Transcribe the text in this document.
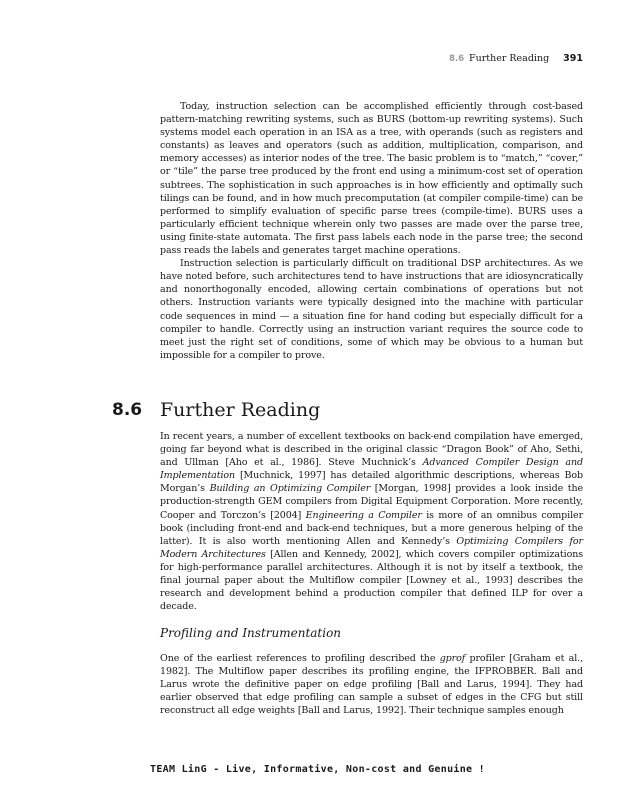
8.6 Further Reading 391

Today, instruction selection can be accomplished efficiently through cost-based pattern-matching rewriting systems, such as BURS (bottom-up rewriting systems). Such systems model each operation in an ISA as a tree, with operands (such as registers and constants) as leaves and operators (such as addition, multiplication, comparison, and memory accesses) as interior nodes of the tree. The basic problem is to “match,” “cover,” or “tile” the parse tree produced by the front end using a minimum-cost set of operation subtrees. The sophistication in such approaches is in how efficiently and optimally such tilings can be found, and in how much precomputation (at compiler compile-time) can be performed to simplify evaluation of specific parse trees (compile-time). BURS uses a particularly efficient technique wherein only two passes are made over the parse tree, using finite-state automata. The first pass labels each node in the parse tree; the second pass reads the labels and generates target machine operations.

Instruction selection is particularly difficult on traditional DSP architectures. As we have noted before, such architectures tend to have instructions that are idiosyncratically and nonorthogonally encoded, allowing certain combinations of operations but not others. Instruction variants were typically designed into the machine with particular code sequences in mind — a situation fine for hand coding but especially difficult for a compiler to handle. Correctly using an instruction variant requires the source code to meet just the right set of conditions, some of which may be obvious to a human but impossible for a compiler to prove.

8.6 Further Reading

In recent years, a number of excellent textbooks on back-end compilation have emerged, going far beyond what is described in the original classic “Dragon Book” of Aho, Sethi, and Ullman [Aho et al., 1986]. Steve Muchnick’s Advanced Compiler Design and Implementation [Muchnick, 1997] has detailed algorithmic descriptions, whereas Bob Morgan’s Building an Optimizing Compiler [Morgan, 1998] provides a look inside the production-strength GEM compilers from Digital Equipment Corporation. More recently, Cooper and Torczon’s [2004] Engineering a Compiler is more of an omnibus compiler book (including front-end and back-end techniques, but a more generous helping of the latter). It is also worth mentioning Allen and Kennedy’s Optimizing Compilers for Modern Architectures [Allen and Kennedy, 2002], which covers compiler optimizations for high-performance parallel architectures. Although it is not by itself a textbook, the final journal paper about the Multiflow compiler [Lowney et al., 1993] describes the research and development behind a production compiler that defined ILP for over a decade.

Profiling and Instrumentation

One of the earliest references to profiling described the gprof profiler [Graham et al., 1982]. The Multiflow paper describes its profiling engine, the IFPROBBER. Ball and Larus wrote the definitive paper on edge profiling [Ball and Larus, 1994]. They had earlier observed that edge profiling can sample a subset of edges in the CFG but still reconstruct all edge weights [Ball and Larus, 1992]. Their technique samples enough

TEAM LinG - Live, Informative, Non-cost and Genuine !
